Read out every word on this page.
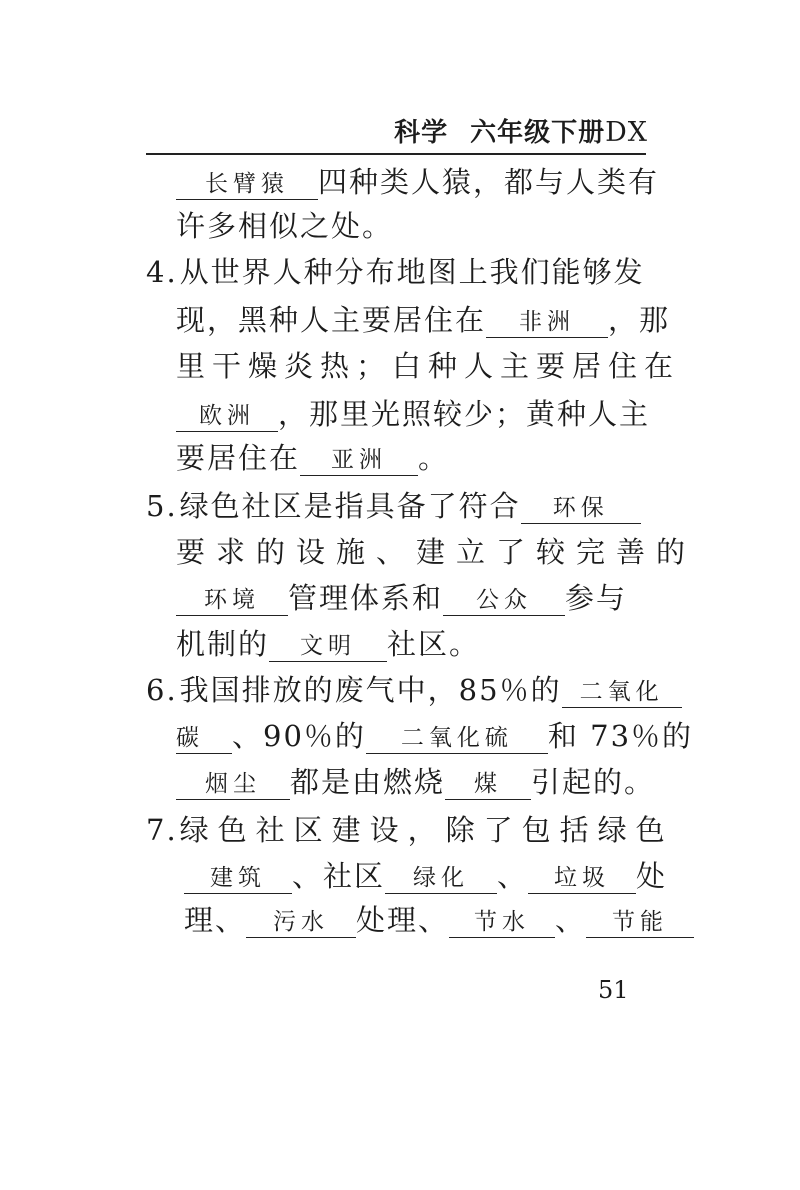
科学 六年级下册DX
长臂猿 四种类人猿，都与人类有
许多相似之处。
4.从世界人种分布地图上我们能够发
现，黑种人主要居住在 非洲 ，那
里干燥炎热；白种人主要居住在
欧洲 ，那里光照较少；黄种人主
要居住在 亚洲 。
5.绿色社区是指具备了符合 环保
要求的设施、建立了较完善的
环境 管理体系和 公众 参与
机制的 文明 社区。
6.我国排放的废气中，85％的 二氧化
碳 、90％的 二氧化硫 和 73％的
烟尘 都是由燃烧 煤 引起的。
7.绿色社区建设，除了包括绿色
建筑 、社区 绿化 、 垃圾 处
理、 污水 处理、 节水 、 节能
51
